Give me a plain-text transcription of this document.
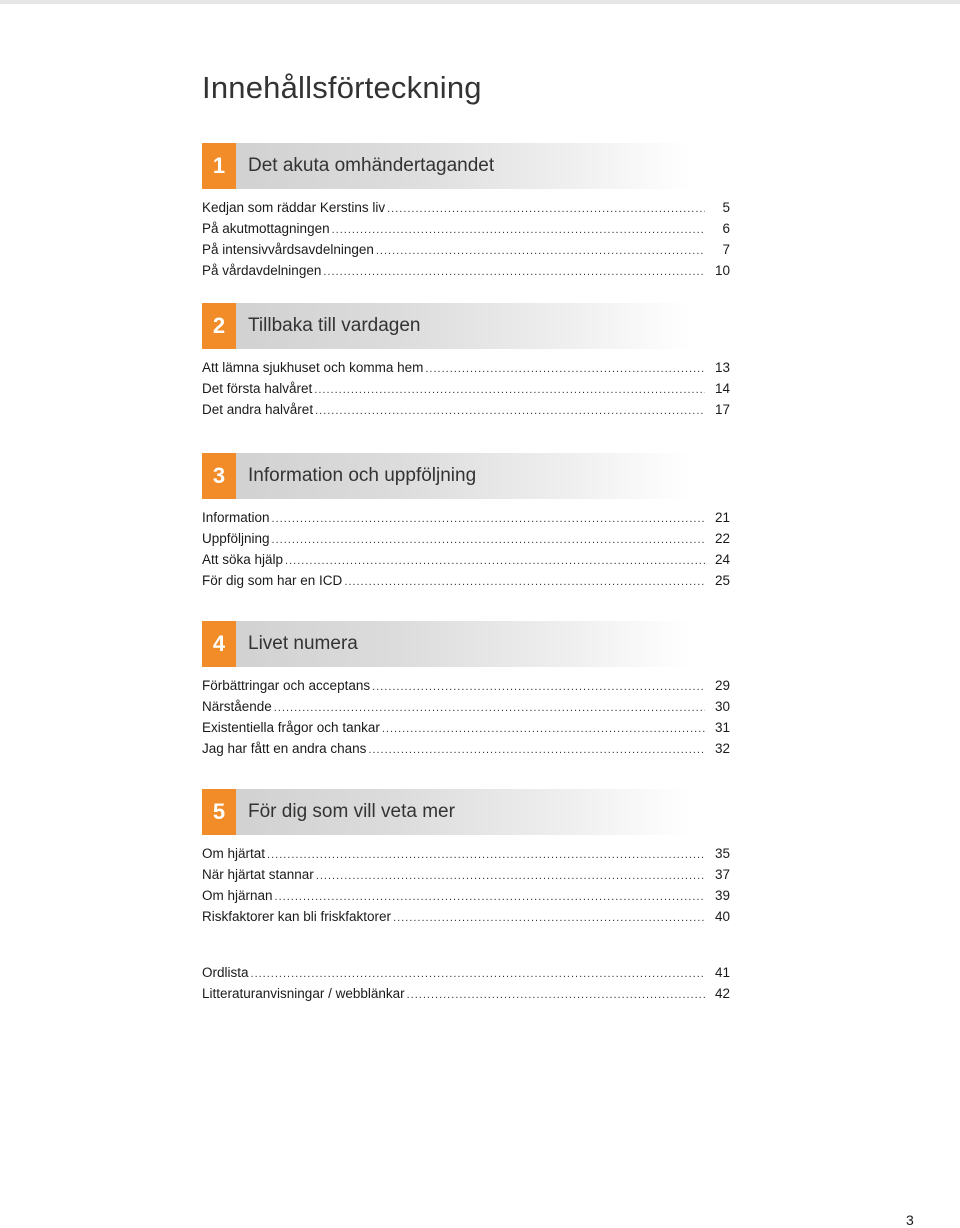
Innehållsförteckning
1	Det akuta omhändertagandet
Kedjan som räddar Kerstins liv .....	5
På akutmottagningen .....	6
På intensivvårdsavdelningen .....	7
På vårdavdelningen .....	10
2	Tillbaka till vardagen
Att lämna sjukhuset och komma hem .....	13
Det första halvåret .....	14
Det andra halvåret .....	17
3	Information och uppföljning
Information .....	21
Uppföljning .....	22
Att söka hjälp .....	24
För dig som har en ICD .....	25
4	Livet numera
Förbättringar och acceptans .....	29
Närstående .....	30
Existentiella frågor och tankar .....	31
Jag har fått en andra chans .....	32
5	För dig som vill veta mer
Om hjärtat .....	35
När hjärtat stannar .....	37
Om hjärnan .....	39
Riskfaktorer kan bli friskfaktorer .....	40
Ordlista .....	41
Litteraturanvisningar / webblänkar .....	42
3
